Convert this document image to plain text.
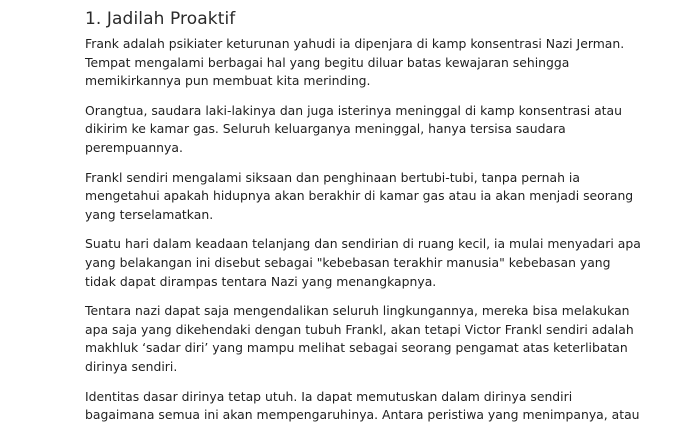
1. Jadilah Proaktif

Frank adalah psikiater keturunan yahudi ia dipenjara di kamp konsentrasi Nazi Jerman.
Tempat mengalami berbagai hal yang begitu diluar batas kewajaran sehingga
memikirkannya pun membuat kita merinding.

Orangtua, saudara laki-lakinya dan juga isterinya meninggal di kamp konsentrasi atau
dikirim ke kamar gas. Seluruh keluarganya meninggal, hanya tersisa saudara
perempuannya.

Frankl sendiri mengalami siksaan dan penghinaan bertubi-tubi, tanpa pernah ia
mengetahui apakah hidupnya akan berakhir di kamar gas atau ia akan menjadi seorang
yang terselamatkan.

Suatu hari dalam keadaan telanjang dan sendirian di ruang kecil, ia mulai menyadari apa
yang belakangan ini disebut sebagai "kebebasan terakhir manusia" kebebasan yang
tidak dapat dirampas tentara Nazi yang menangkapnya.

Tentara nazi dapat saja mengendalikan seluruh lingkungannya, mereka bisa melakukan
apa saja yang dikehendaki dengan tubuh Frankl, akan tetapi Victor Frankl sendiri adalah
makhluk ‘sadar diri’ yang mampu melihat sebagai seorang pengamat atas keterlibatan
dirinya sendiri.

Identitas dasar dirinya tetap utuh. Ia dapat memutuskan dalam dirinya sendiri
bagaimana semua ini akan mempengaruhinya. Antara peristiwa yang menimpanya, atau
